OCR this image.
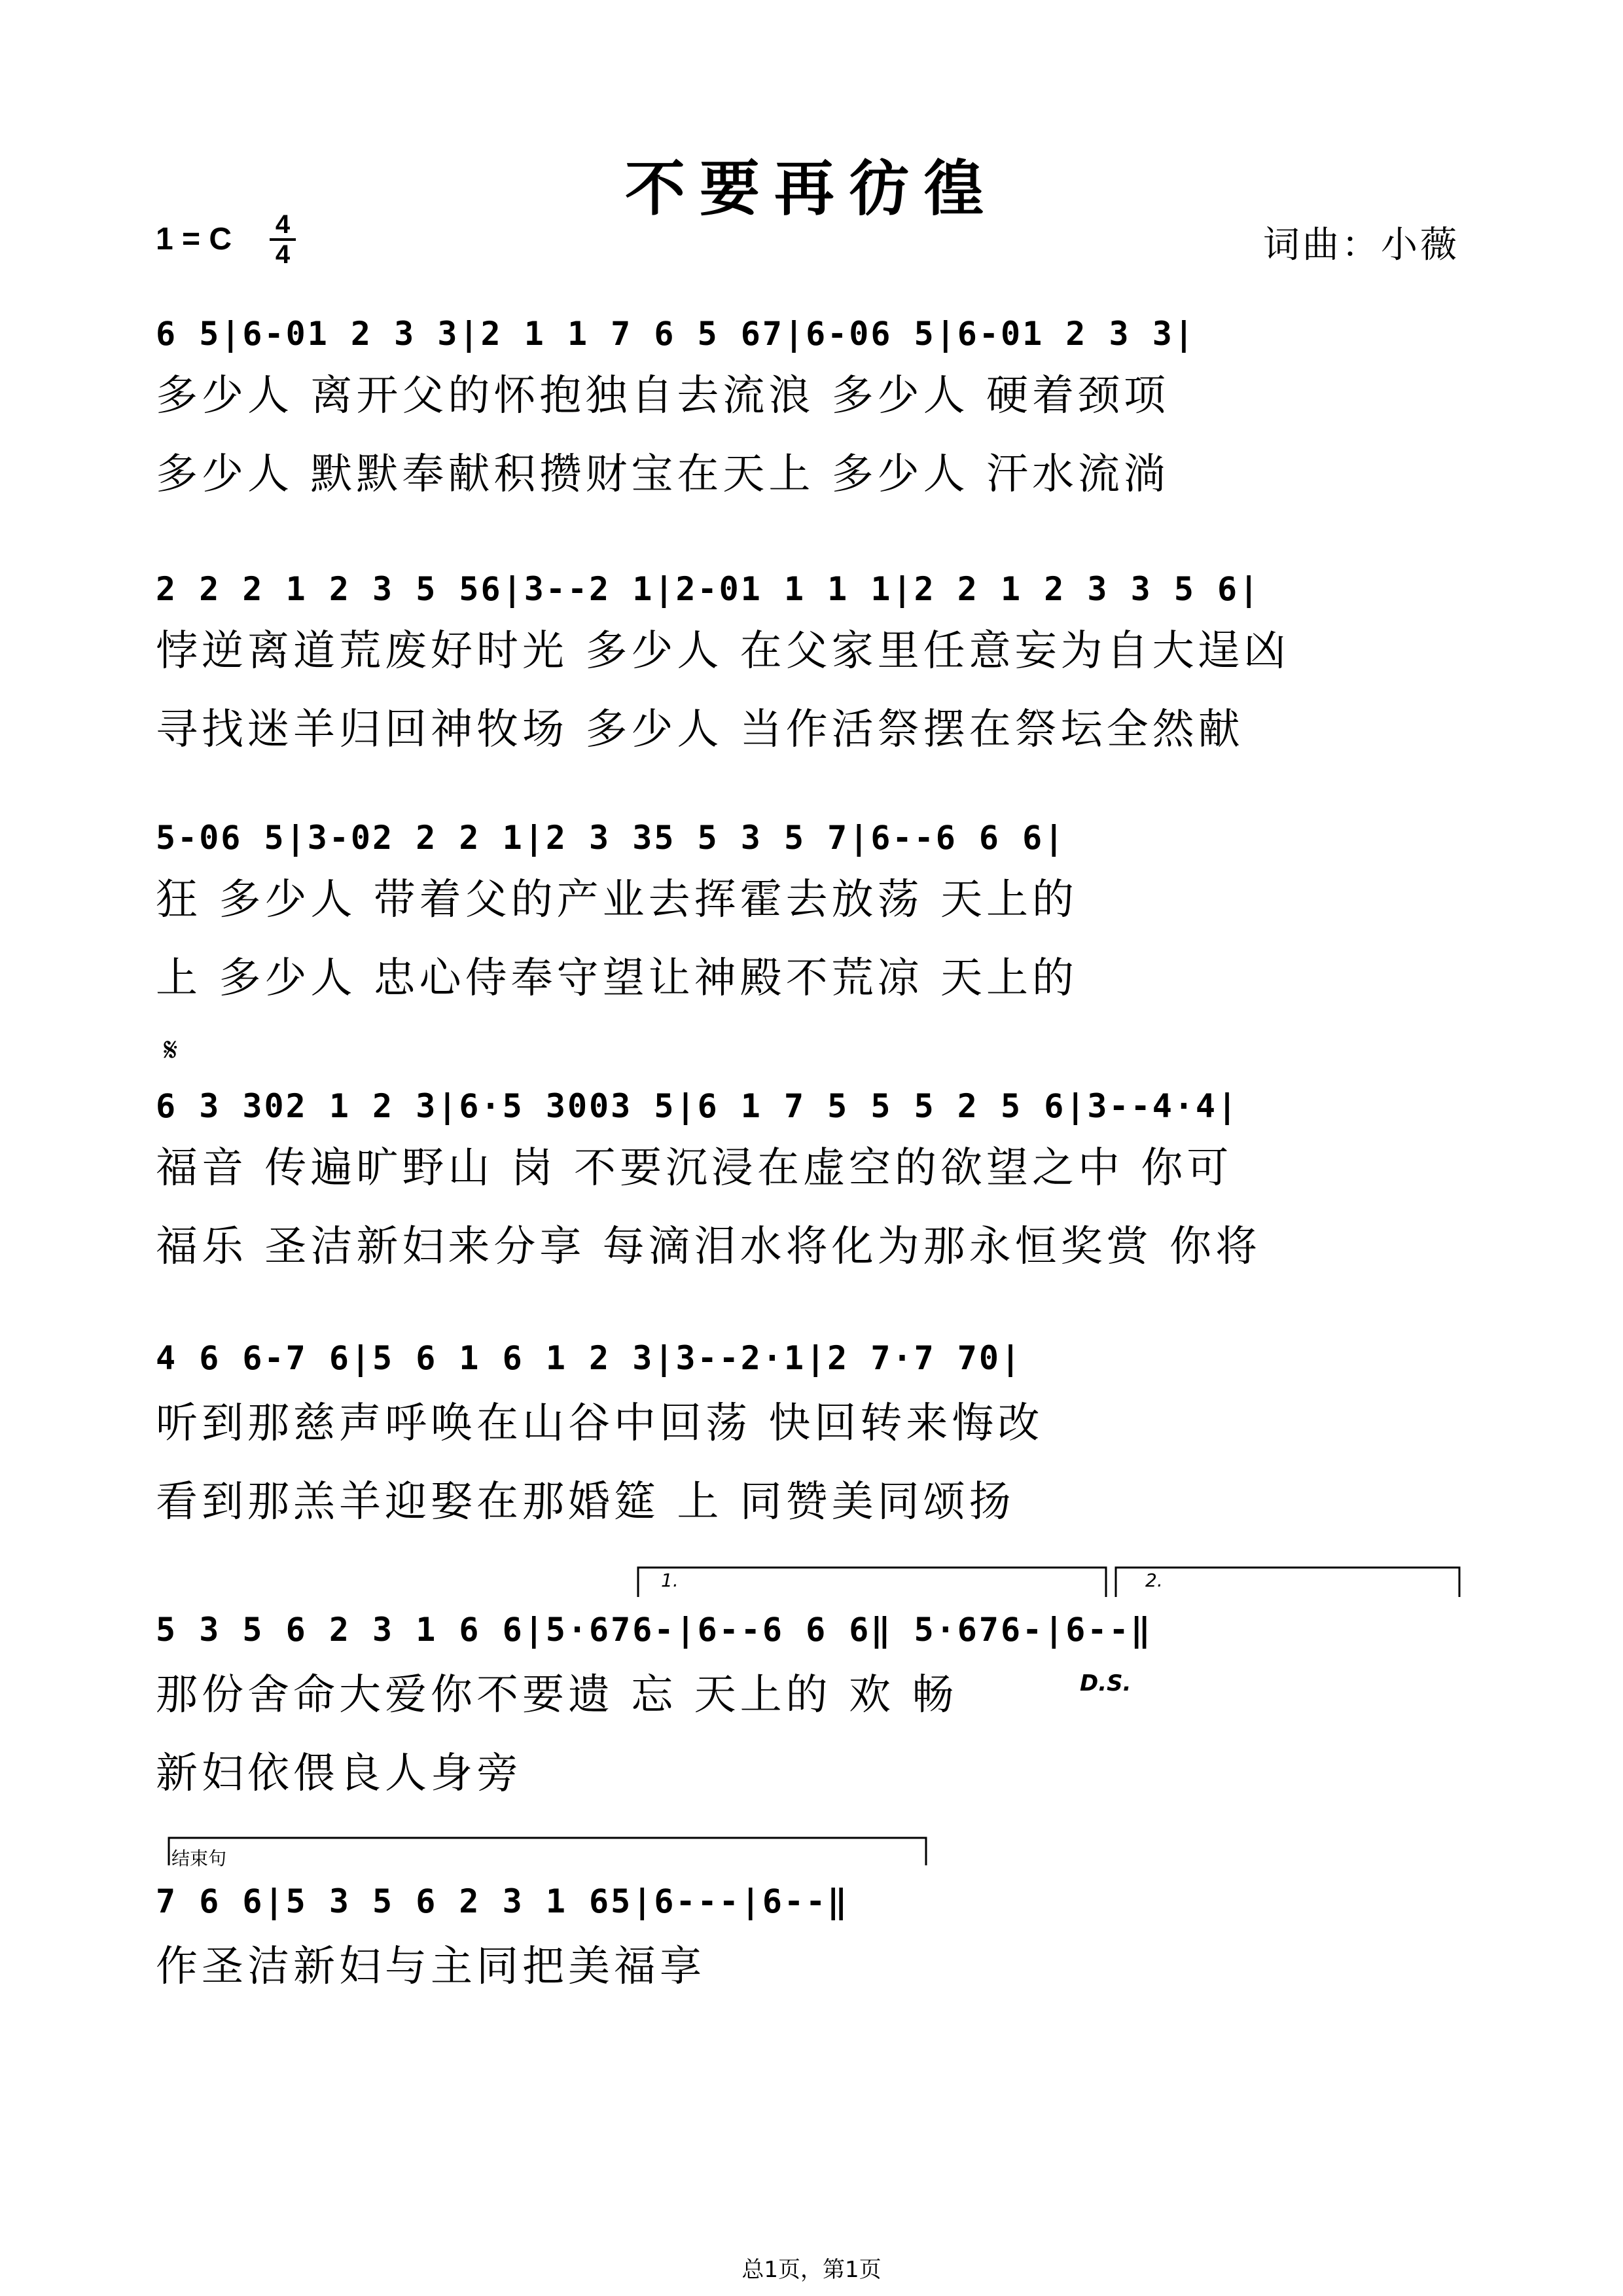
不要再彷徨
1 = C 4
4	词曲：小薇
6 5|6-01 2 3 3|2 1 1 7 6 5 67|6-06 5|6-01 2 3 3|
多少人 离开父的怀抱独自去流浪 多少人 硬着颈项
多少人 默默奉献积攒财宝在天上 多少人 汗水流淌
2 2 2 1 2 3 5 56|3--2 1|2-01 1 1 1|2 2 1 2 3 3 5 6|
悖逆离道荒废好时光 多少人 在父家里任意妄为自大逞凶
寻找迷羊归回神牧场 多少人 当作活祭摆在祭坛全然献
5-06 5|3-02 2 2 1|2 3 35 5 3 5 7|6--6 6 6|
狂 多少人 带着父的产业去挥霍去放荡 天上的
上 多少人 忠心侍奉守望让神殿不荒凉 天上的
𝄋
6 3 302 1 2 3|6·5 3003 5|6 1 7 5 5 5 2 5 6|3--4·4|
福音 传遍旷野山 岗 不要沉浸在虚空的欲望之中 你可
福乐 圣洁新妇来分享 每滴泪水将化为那永恒奖赏 你将
4 6 6-7 6|5 6 1 6 1 2 3|3--2·1|2 7·7 70|
听到那慈声呼唤在山谷中回荡 快回转来悔改
看到那羔羊迎娶在那婚筵 上 同赞美同颂扬
1.	2.
5 3 5 6 2 3 1 6 6|5·676-|6--6 6 6‖ 5·676-|6--‖
D.S.
那份舍命大爱你不要遗 忘 天上的 欢 畅
新妇依偎良人身旁
结束句
7 6 6|5 3 5 6 2 3 1 65|6---|6--‖
作圣洁新妇与主同把美福享
总1页，第1页
